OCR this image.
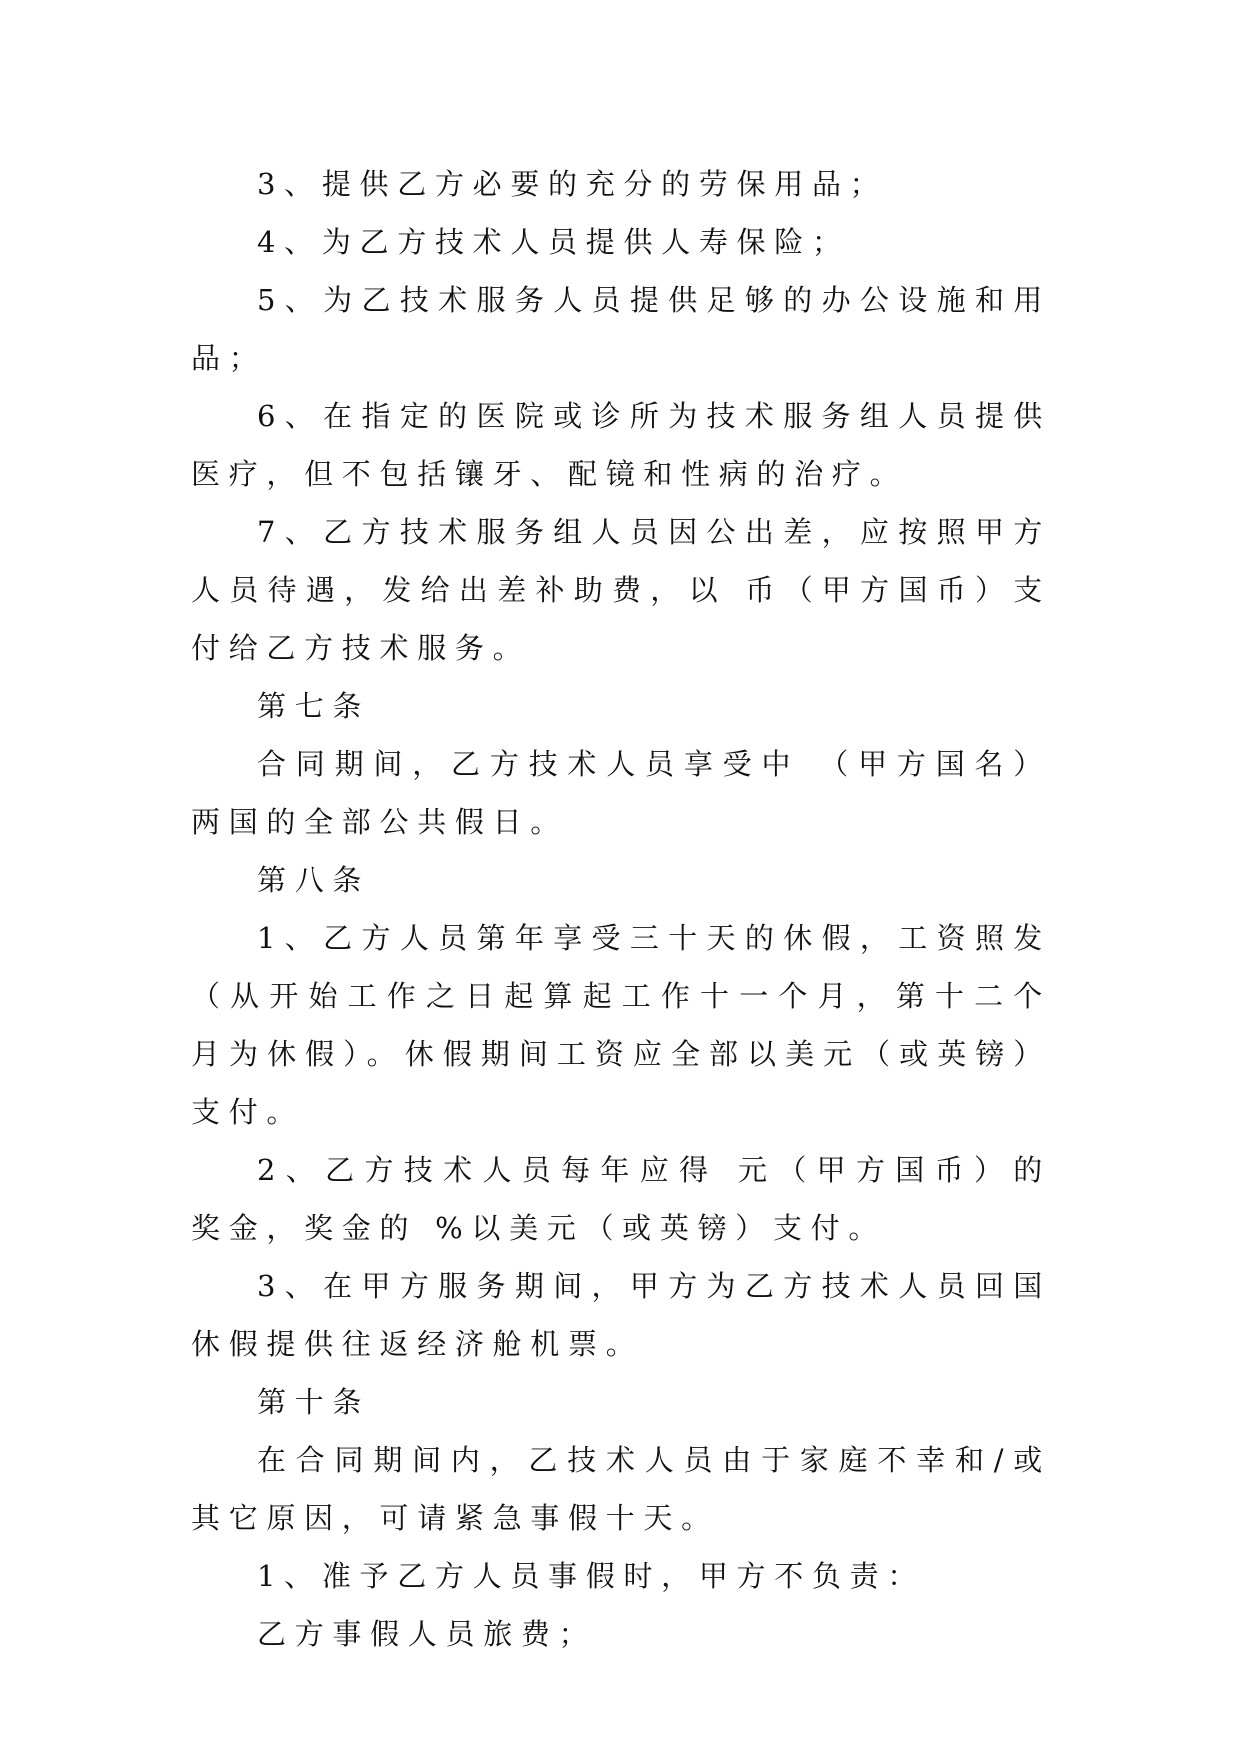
3、提供乙方必要的充分的劳保用品；

4、为乙方技术人员提供人寿保险；

5、为乙技术服务人员提供足够的办公设施和用品；

6、在指定的医院或诊所为技术服务组人员提供医疗，但不包括镶牙、配镜和性病的治疗。

7、乙方技术服务组人员因公出差，应按照甲方人员待遇，发给出差补助费，以 币（甲方国币）支付给乙方技术服务。

第七条

合同期间，乙方技术人员享受中 （甲方国名）两国的全部公共假日。

第八条

1、乙方人员第年享受三十天的休假，工资照发（从开始工作之日起算起工作十一个月，第十二个月为休假）。休假期间工资应全部以美元（或英镑）支付。

2、乙方技术人员每年应得 元（甲方国币）的奖金，奖金的 %以美元（或英镑）支付。

3、在甲方服务期间，甲方为乙方技术人员回国休假提供往返经济舱机票。

第十条

在合同期间内，乙技术人员由于家庭不幸和/或其它原因，可请紧急事假十天。

1、准予乙方人员事假时，甲方不负责：

乙方事假人员旅费；
